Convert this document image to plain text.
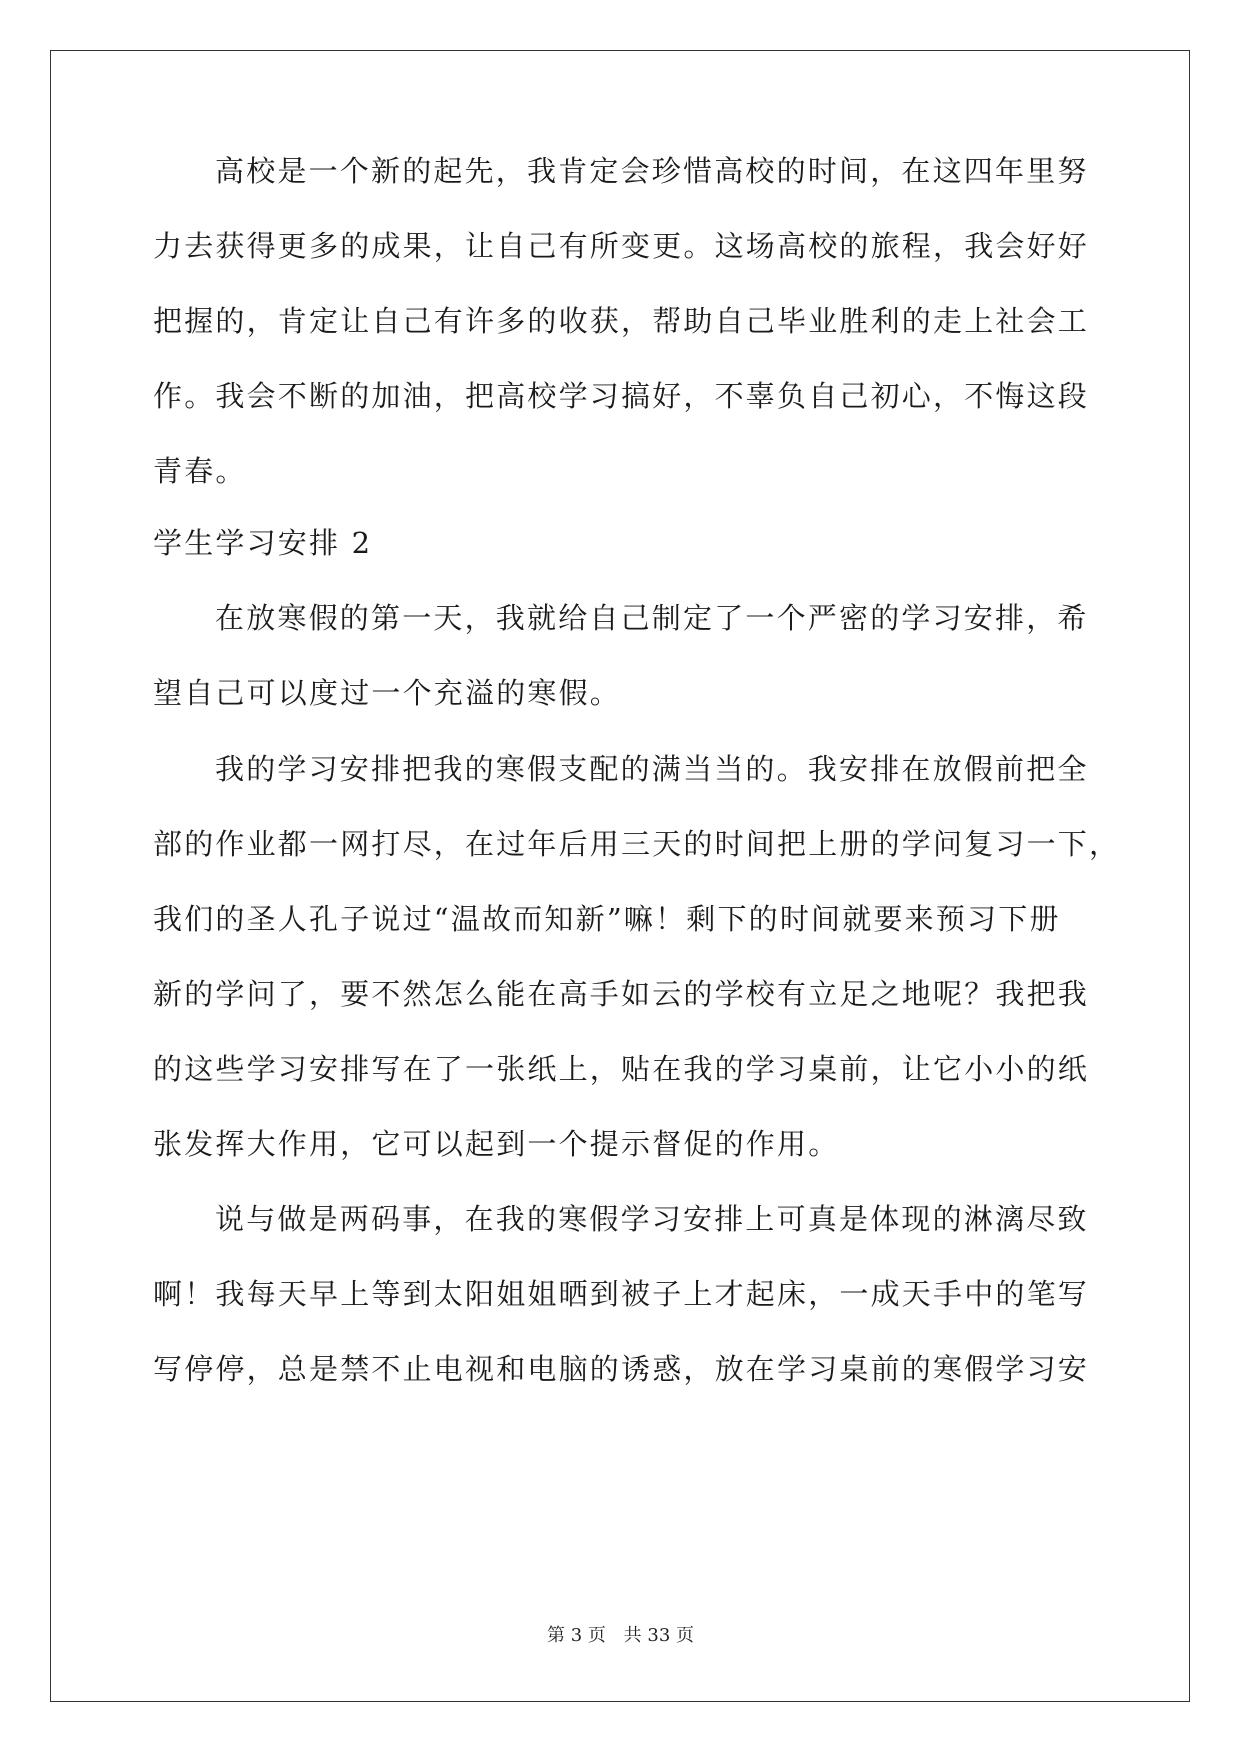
高校是一个新的起先，我肯定会珍惜高校的时间，在这四年里努
力去获得更多的成果，让自己有所变更。这场高校的旅程，我会好好
把握的，肯定让自己有许多的收获，帮助自己毕业胜利的走上社会工
作。我会不断的加油，把高校学习搞好，不辜负自己初心，不悔这段
青春。
学生学习安排 2
在放寒假的第一天，我就给自己制定了一个严密的学习安排，希
望自己可以度过一个充溢的寒假。
我的学习安排把我的寒假支配的满当当的。我安排在放假前把全
部的作业都一网打尽，在过年后用三天的时间把上册的学问复习一下，
我们的圣人孔子说过“温故而知新”嘛！剩下的时间就要来预习下册
新的学问了，要不然怎么能在高手如云的学校有立足之地呢？我把我
的这些学习安排写在了一张纸上，贴在我的学习桌前，让它小小的纸
张发挥大作用，它可以起到一个提示督促的作用。
说与做是两码事，在我的寒假学习安排上可真是体现的淋漓尽致
啊！我每天早上等到太阳姐姐晒到被子上才起床，一成天手中的笔写
写停停，总是禁不止电视和电脑的诱惑，放在学习桌前的寒假学习安
第 3 页 共 33 页
